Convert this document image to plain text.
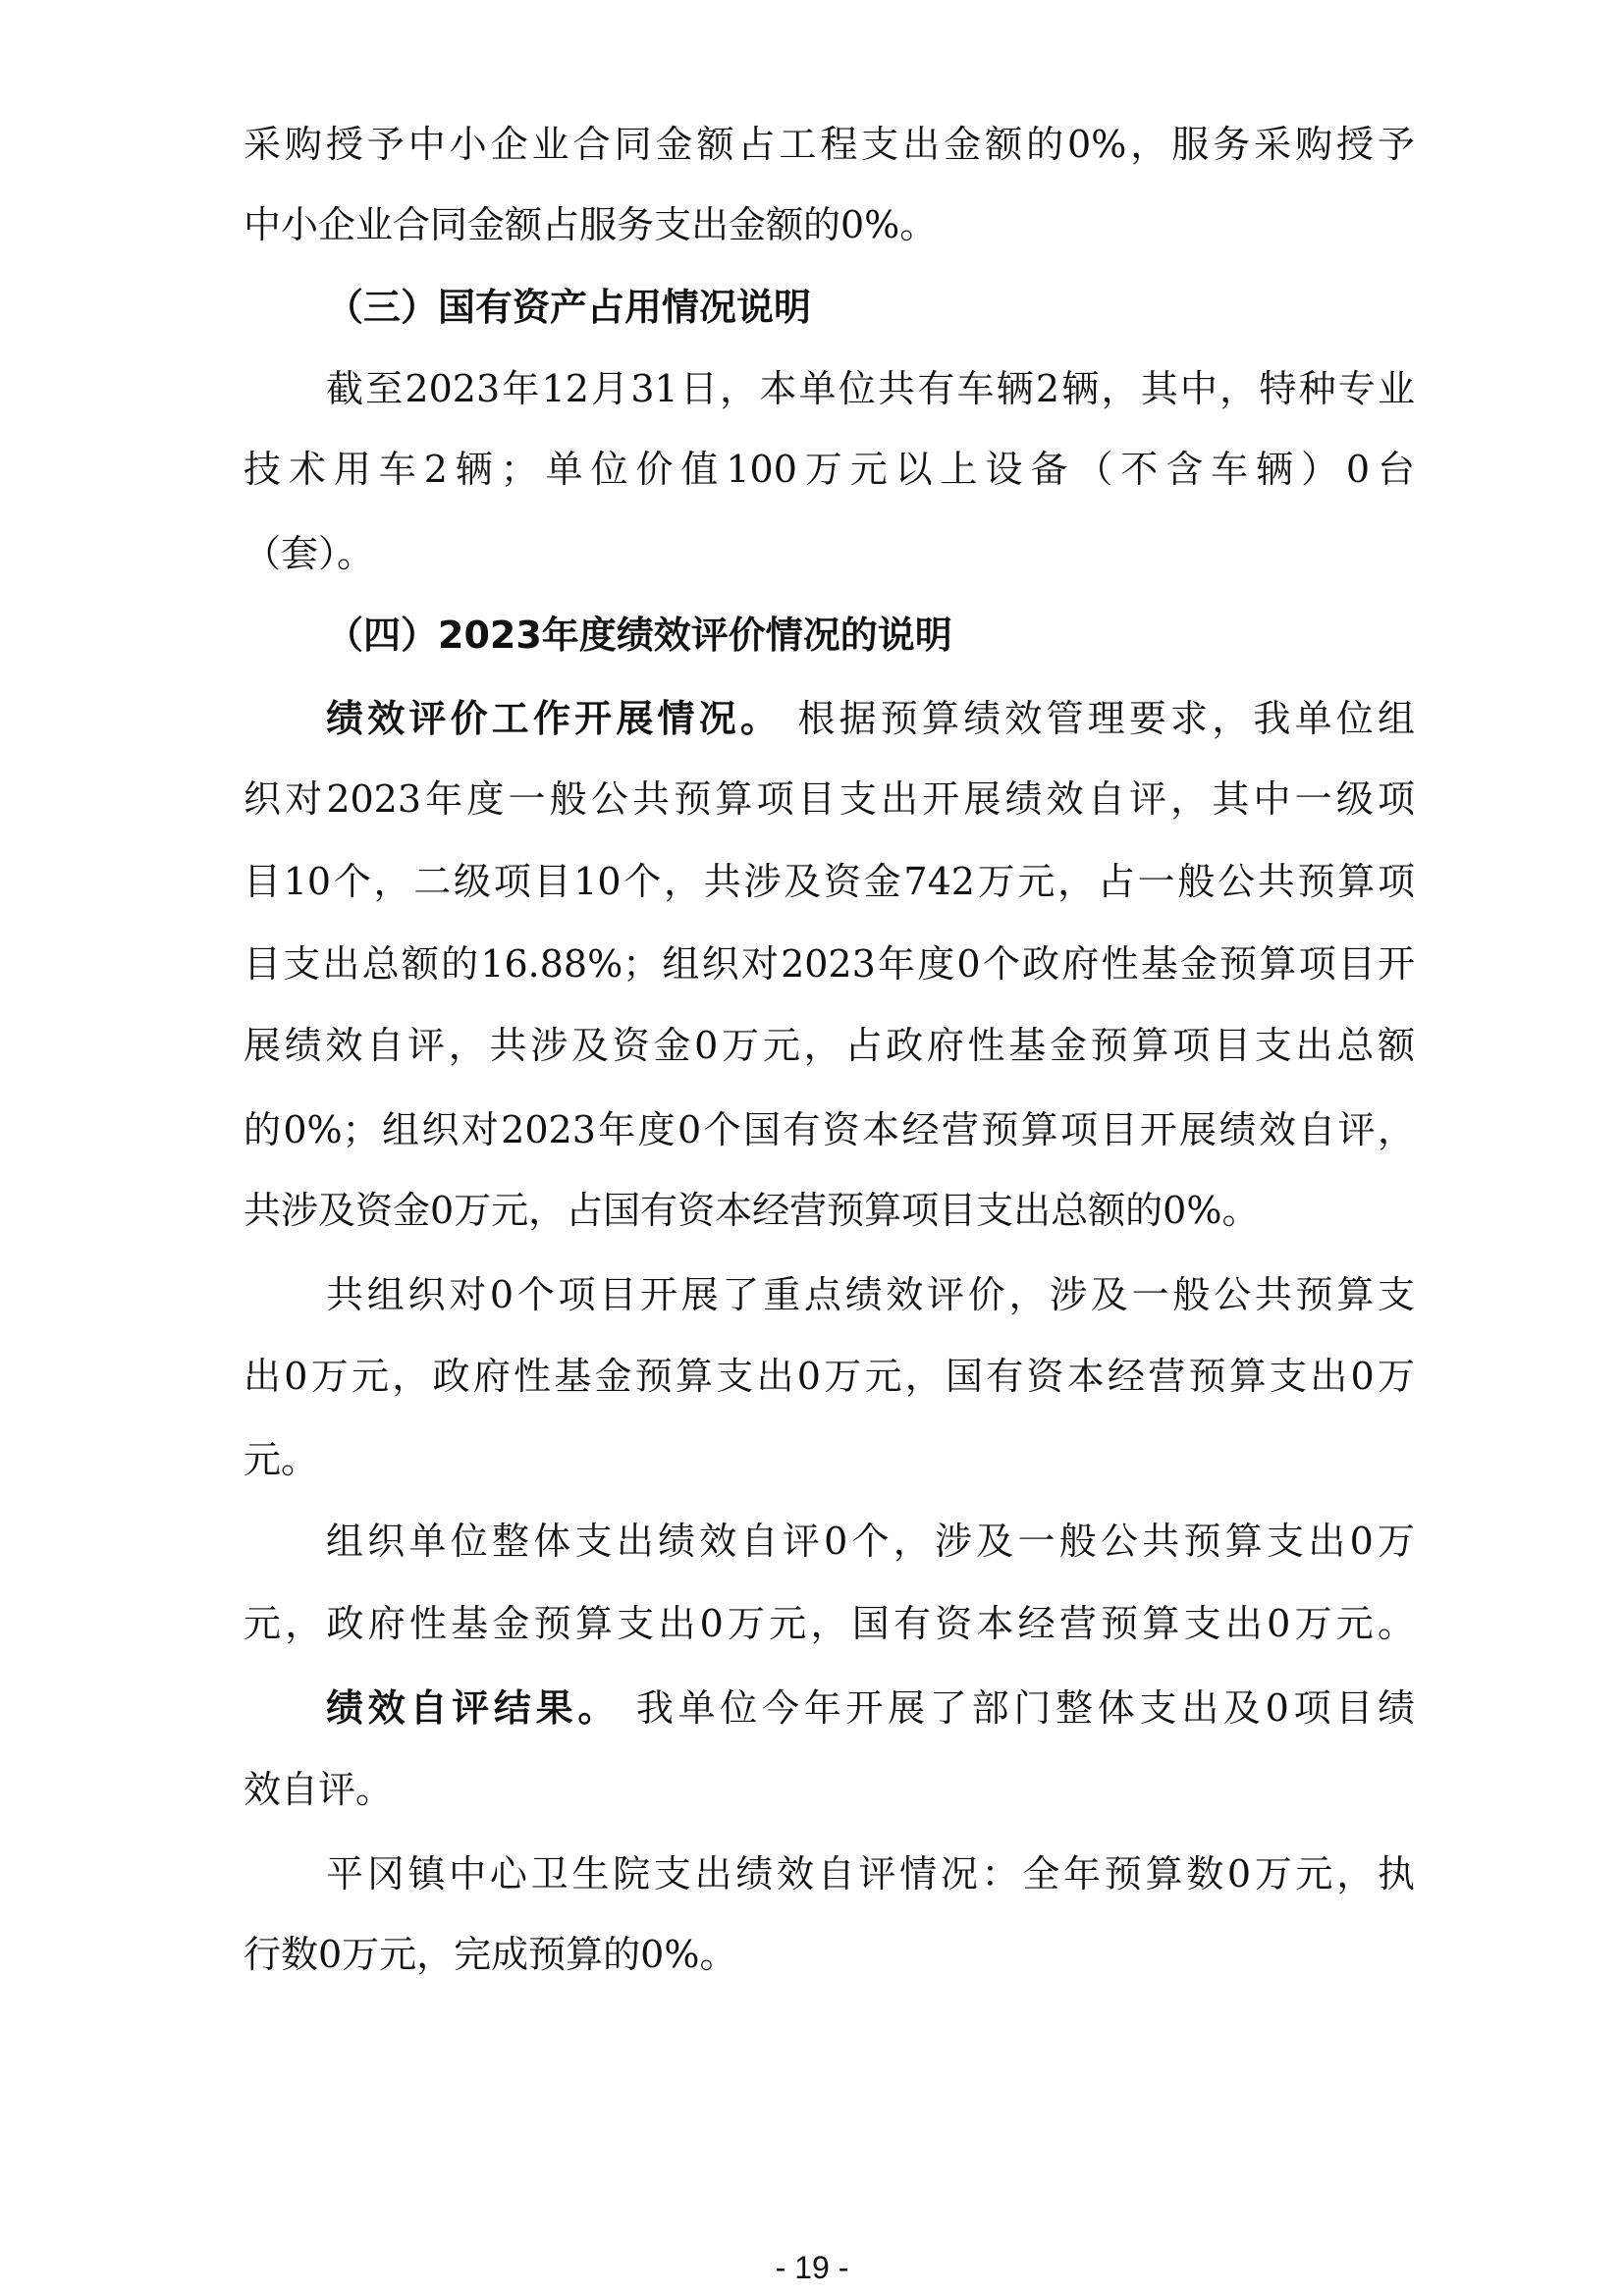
采购授予中小企业合同金额占工程支出金额的0%，服务采购授予
中小企业合同金额占服务支出金额的0%。
（三）国有资产占用情况说明
截至2023年12月31日，本单位共有车辆2辆，其中，特种专业
技术用车2辆；单位价值100万元以上设备（不含车辆）0台
（套）。
（四）2023年度绩效评价情况的说明
绩效评价工作开展情况。 根据预算绩效管理要求，我单位组
织对2023年度一般公共预算项目支出开展绩效自评，其中一级项
目10个，二级项目10个，共涉及资金742万元，占一般公共预算项
目支出总额的16.88%；组织对2023年度0个政府性基金预算项目开
展绩效自评，共涉及资金0万元，占政府性基金预算项目支出总额
的0%；组织对2023年度0个国有资本经营预算项目开展绩效自评，
共涉及资金0万元，占国有资本经营预算项目支出总额的0%。
共组织对0个项目开展了重点绩效评价，涉及一般公共预算支
出0万元，政府性基金预算支出0万元，国有资本经营预算支出0万
元。
组织单位整体支出绩效自评0个，涉及一般公共预算支出0万
元，政府性基金预算支出0万元，国有资本经营预算支出0万元。
绩效自评结果。 我单位今年开展了部门整体支出及0项目绩
效自评。
平冈镇中心卫生院支出绩效自评情况：全年预算数0万元，执
行数0万元，完成预算的0%。
- 19 -
